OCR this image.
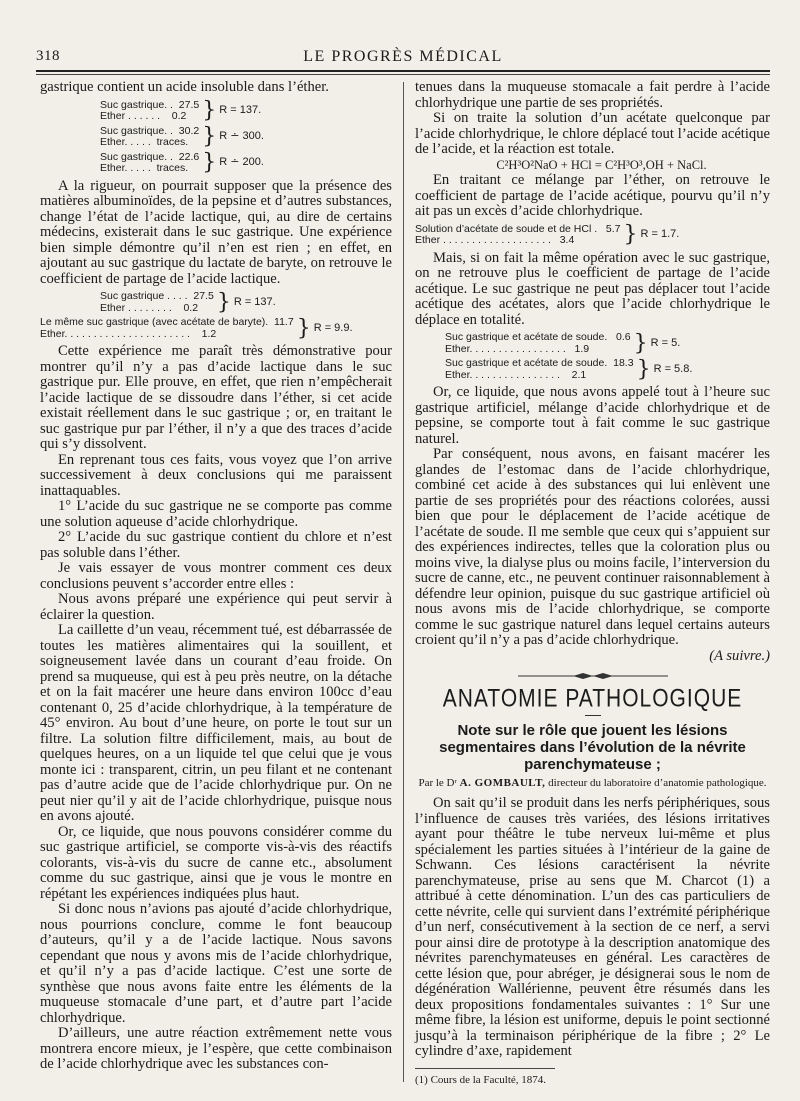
318	LE PROGRÈS MÉDICAL

gastrique contient un acide insoluble dans l’éther.

Suc gastrique. .  27.5
Ether . . . . . .    0.2 } R = 137.
Suc gastrique. .  30.2
Ether. . . . .  traces. } R ∸ 300.
Suc gastrique. .  22.6
Ether. . . . .  traces. } R ∸ 200.

A la rigueur, on pourrait supposer que la présence des matières albuminoïdes, de la pepsine et d’autres substances, change l’état de l’acide lactique, qui, au dire de certains médecins, existerait dans le suc gastrique. Une expérience bien simple démontre qu’il n’en est rien ; en effet, en ajoutant au suc gastrique du lactate de baryte, on retrouve le coefficient de partage de l’acide lactique.

Suc gastrique . . . .  27.5
Ether . . . . . . . .    0.2 } R = 137.
Le même suc gastrique (avec acétate de baryte).  11.7
Ether. . . . . . . . . . . . . . . . . . . . . .    1.2	} R = 9.9.

Cette expérience me paraît très démonstrative pour montrer qu’il n’y a pas d’acide lactique dans le suc gastrique pur. Elle prouve, en effet, que rien n’empêcherait l’acide lactique de se dissoudre dans l’éther, si cet acide existait réellement dans le suc gastrique ; or, en traitant le suc gastrique pur par l’éther, il n’y a que des traces d’acide qui s’y dissolvent.

En reprenant tous ces faits, vous voyez que l’on arrive successivement à deux conclusions qui me paraissent inattaquables.

1° L’acide du suc gastrique ne se comporte pas comme une solution aqueuse d’acide chlorhydrique.

2° L’acide du suc gastrique contient du chlore et n’est pas soluble dans l’éther.

Je vais essayer de vous montrer comment ces deux conclusions peuvent s’accorder entre elles :

Nous avons préparé une expérience qui peut servir à éclairer la question.

La caillette d’un veau, récemment tué, est débarrassée de toutes les matières alimentaires qui la souillent, et soigneusement lavée dans un courant d’eau froide. On prend sa muqueuse, qui est à peu près neutre, on la détache et on la fait macérer une heure dans environ 100cc d’eau contenant 0, 25 d’acide chlorhydrique, à la température de 45° environ. Au bout d’une heure, on porte le tout sur un filtre. La solution filtre difficilement, mais, au bout de quelques heures, on a un liquide tel que celui que je vous monte ici : transparent, citrin, un peu filant et ne contenant pas d’autre acide que de l’acide chlorhydrique pur. On ne peut nier qu’il y ait de l’acide chlorhydrique, puisque nous en avons ajouté.

Or, ce liquide, que nous pouvons considérer comme du suc gastrique artificiel, se comporte vis-à-vis des réactifs colorants, vis-à-vis du sucre de canne etc., absolument comme du suc gastrique, ainsi que je vous le montre en répétant les expériences indiquées plus haut.

Si donc nous n’avions pas ajouté d’acide chlorhydrique, nous pourrions conclure, comme le font beaucoup d’auteurs, qu’il y a de l’acide lactique. Nous savons cependant que nous y avons mis de l’acide chlorhydrique, et qu’il n’y a pas d’acide lactique. C’est une sorte de synthèse que nous avons faite entre les éléments de la muqueuse stomacale d’une part, et d’autre part l’acide chlorhydrique.

D’ailleurs, une autre réaction extrêmement nette vous montrera encore mieux, je l’espère, que cette combinaison de l’acide chlorhydrique avec les substances con-

tenues dans la muqueuse stomacale a fait perdre à l’acide chlorhydrique une partie de ses propriétés.

Si on traite la solution d’un acétate quelconque par l’acide chlorhydrique, le chlore déplacé tout l’acide acétique de l’acide, et la réaction est totale.

C²H³O²NaO + HCl = C²H³O³,OH + NaCl.

En traitant ce mélange par l’éther, on retrouve le coefficient de partage de l’acide acétique, pourvu qu’il n’y ait pas un excès d’acide chlorhydrique.

Solution d’acétate de soude et de HCl .   5.7
Ether . . . . . . . . . . . . . . . . . . .   3.4	} R = 1.7.

Mais, si on fait la même opération avec le suc gastrique, on ne retrouve plus le coefficient de partage de l’acide acétique. Le suc gastrique ne peut pas déplacer tout l’acide acétique des acétates, alors que l’acide chlorhydrique le déplace en totalité.

Suc gastrique et acétate de soude.   0.6
Ether. . . . . . . . . . . . . . . . .   1.9	} R = 5.
Suc gastrique et acétate de soude.  18.3
Ether. . . . . . . . . . . . . . . .    2.1	} R = 5.8.

Or, ce liquide, que nous avons appelé tout à l’heure suc gastrique artificiel, mélange d’acide chlorhydrique et de pepsine, se comporte tout à fait comme le suc gastrique naturel.

Par conséquent, nous avons, en faisant macérer les glandes de l’estomac dans de l’acide chlorhydrique, combiné cet acide à des substances qui lui enlèvent une partie de ses propriétés pour des réactions colorées, aussi bien que pour le déplacement de l’acide acétique de l’acétate de soude. Il me semble que ceux qui s’appuient sur des expériences indirectes, telles que la coloration plus ou moins vive, la dialyse plus ou moins facile, l’interversion du sucre de canne, etc., ne peuvent continuer raisonnablement à défendre leur opinion, puisque du suc gastrique artificiel où nous avons mis de l’acide chlorhydrique, se comporte comme le suc gastrique naturel dans lequel certains auteurs croient qu’il n’y a pas d’acide chlorhydrique.

(A suivre.)

ANATOMIE PATHOLOGIQUE
Note sur le rôle que jouent les lésions segmentaires dans l’évolution de la névrite parenchymateuse ;
Par le Dʳ A. GOMBAULT, directeur du laboratoire d’anatomie pathologique.

On sait qu’il se produit dans les nerfs périphériques, sous l’influence de causes très variées, des lésions irritatives ayant pour théâtre le tube nerveux lui-même et plus spécialement les parties situées à l’intérieur de la gaine de Schwann. Ces lésions caractérisent la névrite parenchymateuse, prise au sens que M. Charcot (1) a attribué à cette dénomination. L’un des cas particuliers de cette névrite, celle qui survient dans l’extrémité périphérique d’un nerf, consécutivement à la section de ce nerf, a servi pour ainsi dire de prototype à la description anatomique des névrites parenchymateuses en général. Les caractères de cette lésion que, pour abréger, je désignerai sous le nom de dégénération Wallérienne, peuvent être résumés dans les deux propositions fondamentales suivantes : 1° Sur une même fibre, la lésion est uniforme, depuis le point sectionné jusqu’à la terminaison périphérique de la fibre ; 2° Le cylindre d’axe, rapidement

(1) Cours de la Faculté, 1874.
